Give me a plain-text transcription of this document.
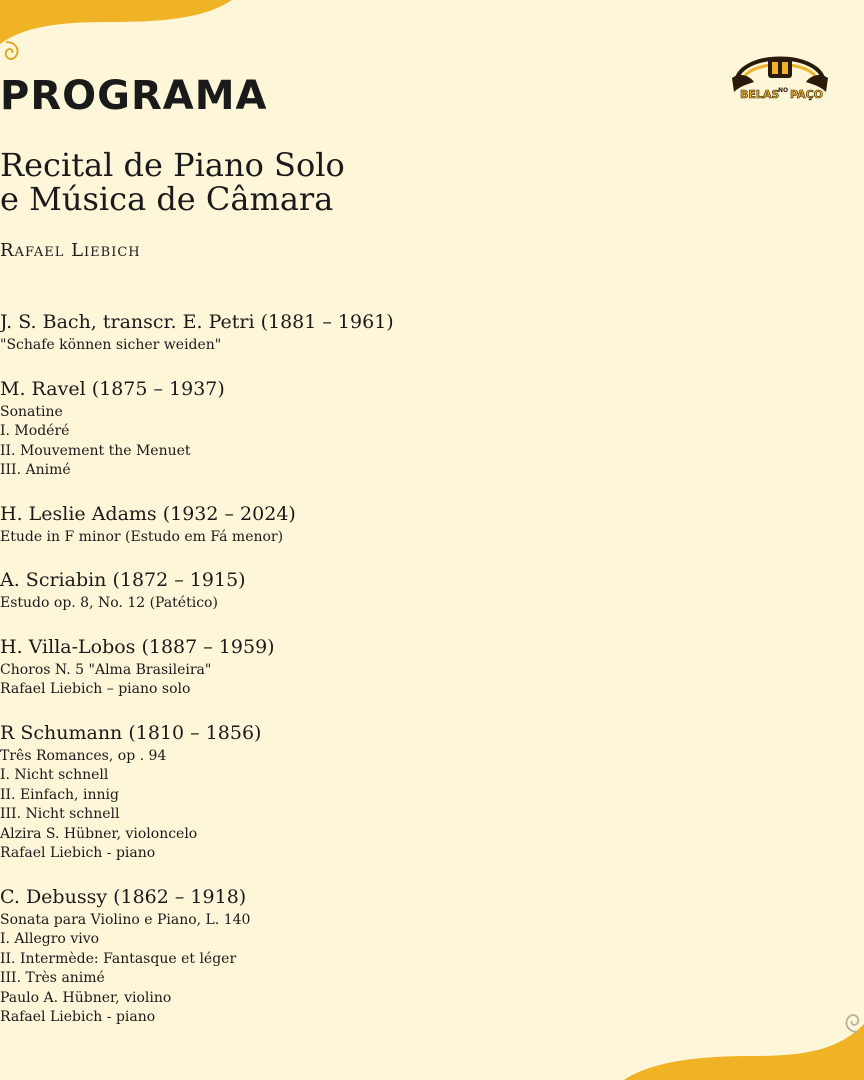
BELAS
NO PAÇO
PROGRAMA
Recital de Piano Solo
e Música de Câmara
Rafael Liebich
J. S. Bach, transcr. E. Petri (1881 – 1961)
"Schafe können sicher weiden"
M. Ravel (1875 – 1937)
Sonatine
I. Modéré
II. Mouvement the Menuet
III. Animé
H. Leslie Adams (1932 – 2024)
Etude in F minor (Estudo em Fá menor)
A. Scriabin (1872 – 1915)
Estudo op. 8, No. 12 (Patético)
H. Villa-Lobos (1887 – 1959)
Choros N. 5 "Alma Brasileira"
Rafael Liebich – piano solo
R Schumann (1810 – 1856)
Três Romances, op . 94
I. Nicht schnell
II. Einfach, innig
III. Nicht schnell
Alzira S. Hübner, violoncelo
Rafael Liebich - piano
C. Debussy (1862 – 1918)
Sonata para Violino e Piano, L. 140
I. Allegro vivo
II. Intermède: Fantasque et léger
III. Très animé
Paulo A. Hübner, violino
Rafael Liebich - piano
